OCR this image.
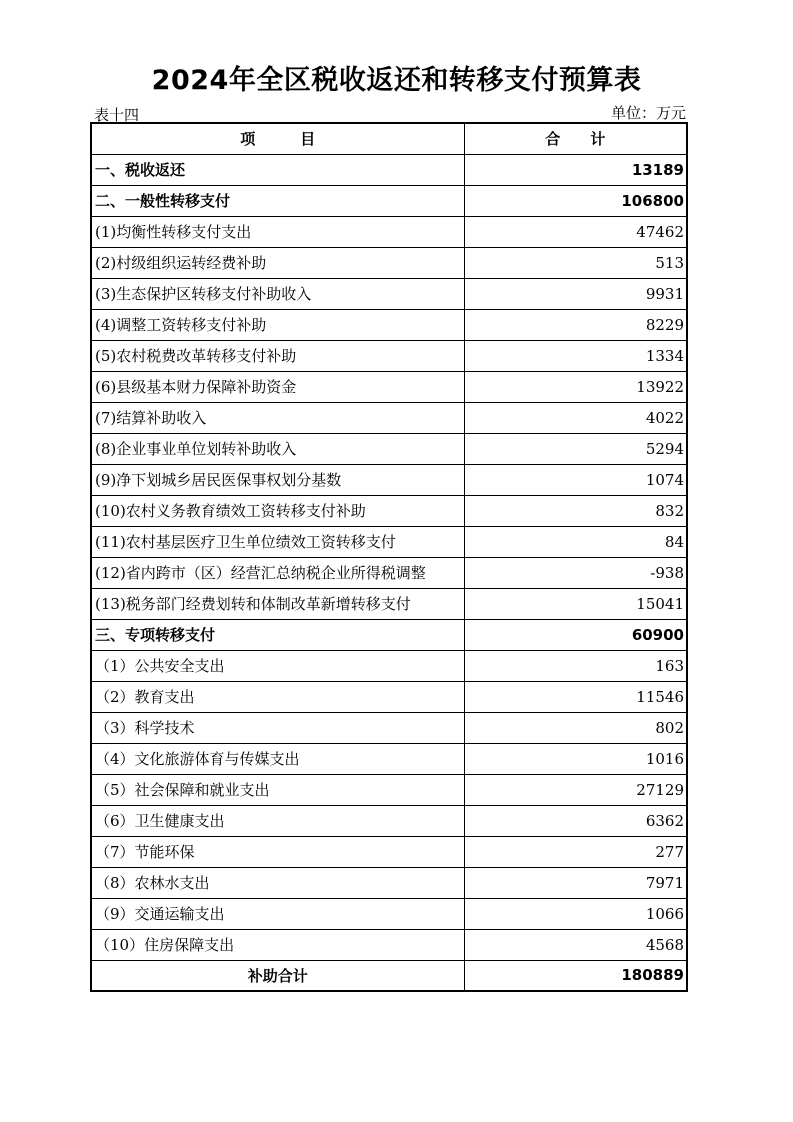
2024年全区税收返还和转移支付预算表
表十四	单位：万元
项　　　目	合　　计
一、税收返还	13189
二、一般性转移支付	106800
(1)均衡性转移支付支出	47462
(2)村级组织运转经费补助	513
(3)生态保护区转移支付补助收入	9931
(4)调整工资转移支付补助	8229
(5)农村税费改革转移支付补助	1334
(6)县级基本财力保障补助资金	13922
(7)结算补助收入	4022
(8)企业事业单位划转补助收入	5294
(9)净下划城乡居民医保事权划分基数	1074
(10)农村义务教育绩效工资转移支付补助	832
(11)农村基层医疗卫生单位绩效工资转移支付	84
(12)省内跨市（区）经营汇总纳税企业所得税调整	-938
(13)税务部门经费划转和体制改革新增转移支付	15041
三、专项转移支付	60900
（1）公共安全支出	163
（2）教育支出	11546
（3）科学技术	802
（4）文化旅游体育与传媒支出	1016
（5）社会保障和就业支出	27129
（6）卫生健康支出	6362
（7）节能环保	277
（8）农林水支出	7971
（9）交通运输支出	1066
（10）住房保障支出	4568
补助合计	180889
